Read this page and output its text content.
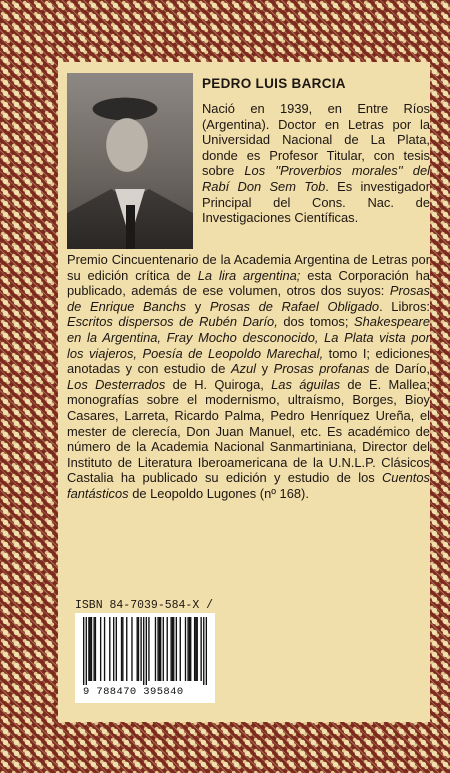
PEDRO LUIS BARCIA

Nació en 1939, en Entre Ríos (Argentina). Doctor en Letras por la Universidad Nacional de La Plata, donde es Profesor Titular, con tesis sobre Los ''Proverbios morales'' del Rabí Don Sem Tob. Es investigador Principal del Cons. Nac. de Investigaciones Científicas.

Premio Cincuentenario de la Academia Argentina de Letras por su edición crítica de La lira argentina; esta Corporación ha publicado, además de ese volumen, otros dos suyos: Prosas de Enrique Banchs y Prosas de Rafael Obligado. Libros: Escritos dispersos de Rubén Darío, dos tomos; Shakespeare en la Argentina, Fray Mocho desconocido, La Plata vista por los viajeros, Poesía de Leopoldo Marechal, tomo I; ediciones anotadas y con estudio de Azul y Prosas profanas de Darío, Los Desterrados de H. Quiroga, Las águilas de E. Mallea; monografías sobre el modernismo, ultraísmo, Borges, Bioy Casares, Larreta, Ricardo Palma, Pedro Henríquez Ureña, el mester de clerecía, Don Juan Manuel, etc. Es académico de número de la Academia Nacional Sanmartiniana, Director del Instituto de Literatura Iberoamericana de la U.N.L.P. Clásicos Castalia ha publicado su edición y estudio de los Cuentos fantásticos de Leopoldo Lugones (nº 168).

ISBN 84-7039-584-X /
9 788470 395840
